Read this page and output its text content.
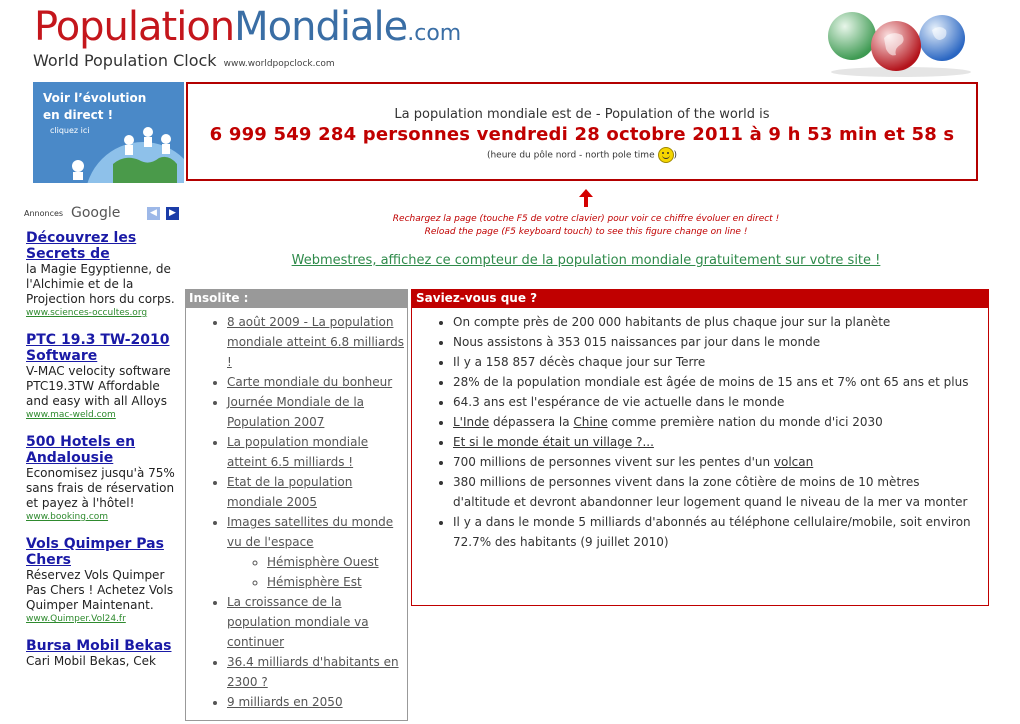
PopulationMondiale.com
World Population Clock www.worldpopclock.com
Voir l’évolution en direct !
cliquez ici
La population mondiale est de - Population of the world is
6 999 549 284 personnes vendredi 28 octobre 2011 à 9 h 53 min et 58 s
(heure du pôle nord - north pole time )
Rechargez la page (touche F5 de votre clavier) pour voir ce chiffre évoluer en direct !
Reload the page (F5 keyboard touch) to see this figure change on line !
Webmestres, affichez ce compteur de la population mondiale gratuitement sur votre site !
Annonces Google	◀	▶
Découvrez les Secrets de
la Magie Egyptienne, de l'Alchimie et de la Projection hors du corps.
www.sciences-occultes.org
PTC 19.3 TW-2010 Software
V-MAC velocity software PTC19.3TW Affordable and easy with all Alloys
www.mac-weld.com
500 Hotels en Andalousie
Economisez jusqu'à 75% sans frais de réservation et payez à l'hôtel!
www.booking.com
Vols Quimper Pas Chers
Réservez Vols Quimper Pas Chers ! Achetez Vols Quimper Maintenant.
www.Quimper.Vol24.fr
Bursa Mobil Bekas
Cari Mobil Bekas, Cek
Insolite :
• 8 août 2009 - La population mondiale atteint 6.8 milliards !
• Carte mondiale du bonheur
• Journée Mondiale de la Population 2007
• La population mondiale atteint 6.5 milliards !
• Etat de la population mondiale 2005
• Images satellites du monde vu de l'espace
◦ Hémisphère Ouest
◦ Hémisphère Est
• La croissance de la population mondiale va continuer
• 36.4 milliards d'habitants en 2300 ?
• 9 milliards en 2050
Saviez-vous que ?
• On compte près de 200 000 habitants de plus chaque jour sur la planète
• Nous assistons à 353 015 naissances par jour dans le monde
• Il y a 158 857 décès chaque jour sur Terre
• 28% de la population mondiale est âgée de moins de 15 ans et 7% ont 65 ans et plus
• 64.3 ans est l'espérance de vie actuelle dans le monde
• L'Inde dépassera la Chine comme première nation du monde d'ici 2030
• Et si le monde était un village ?...
• 700 millions de personnes vivent sur les pentes d'un volcan
• 380 millions de personnes vivent dans la zone côtière de moins de 10 mètres d'altitude et devront abandonner leur logement quand le niveau de la mer va monter
• Il y a dans le monde 5 milliards d'abonnés au téléphone cellulaire/mobile, soit environ 72.7% des habitants (9 juillet 2010)
